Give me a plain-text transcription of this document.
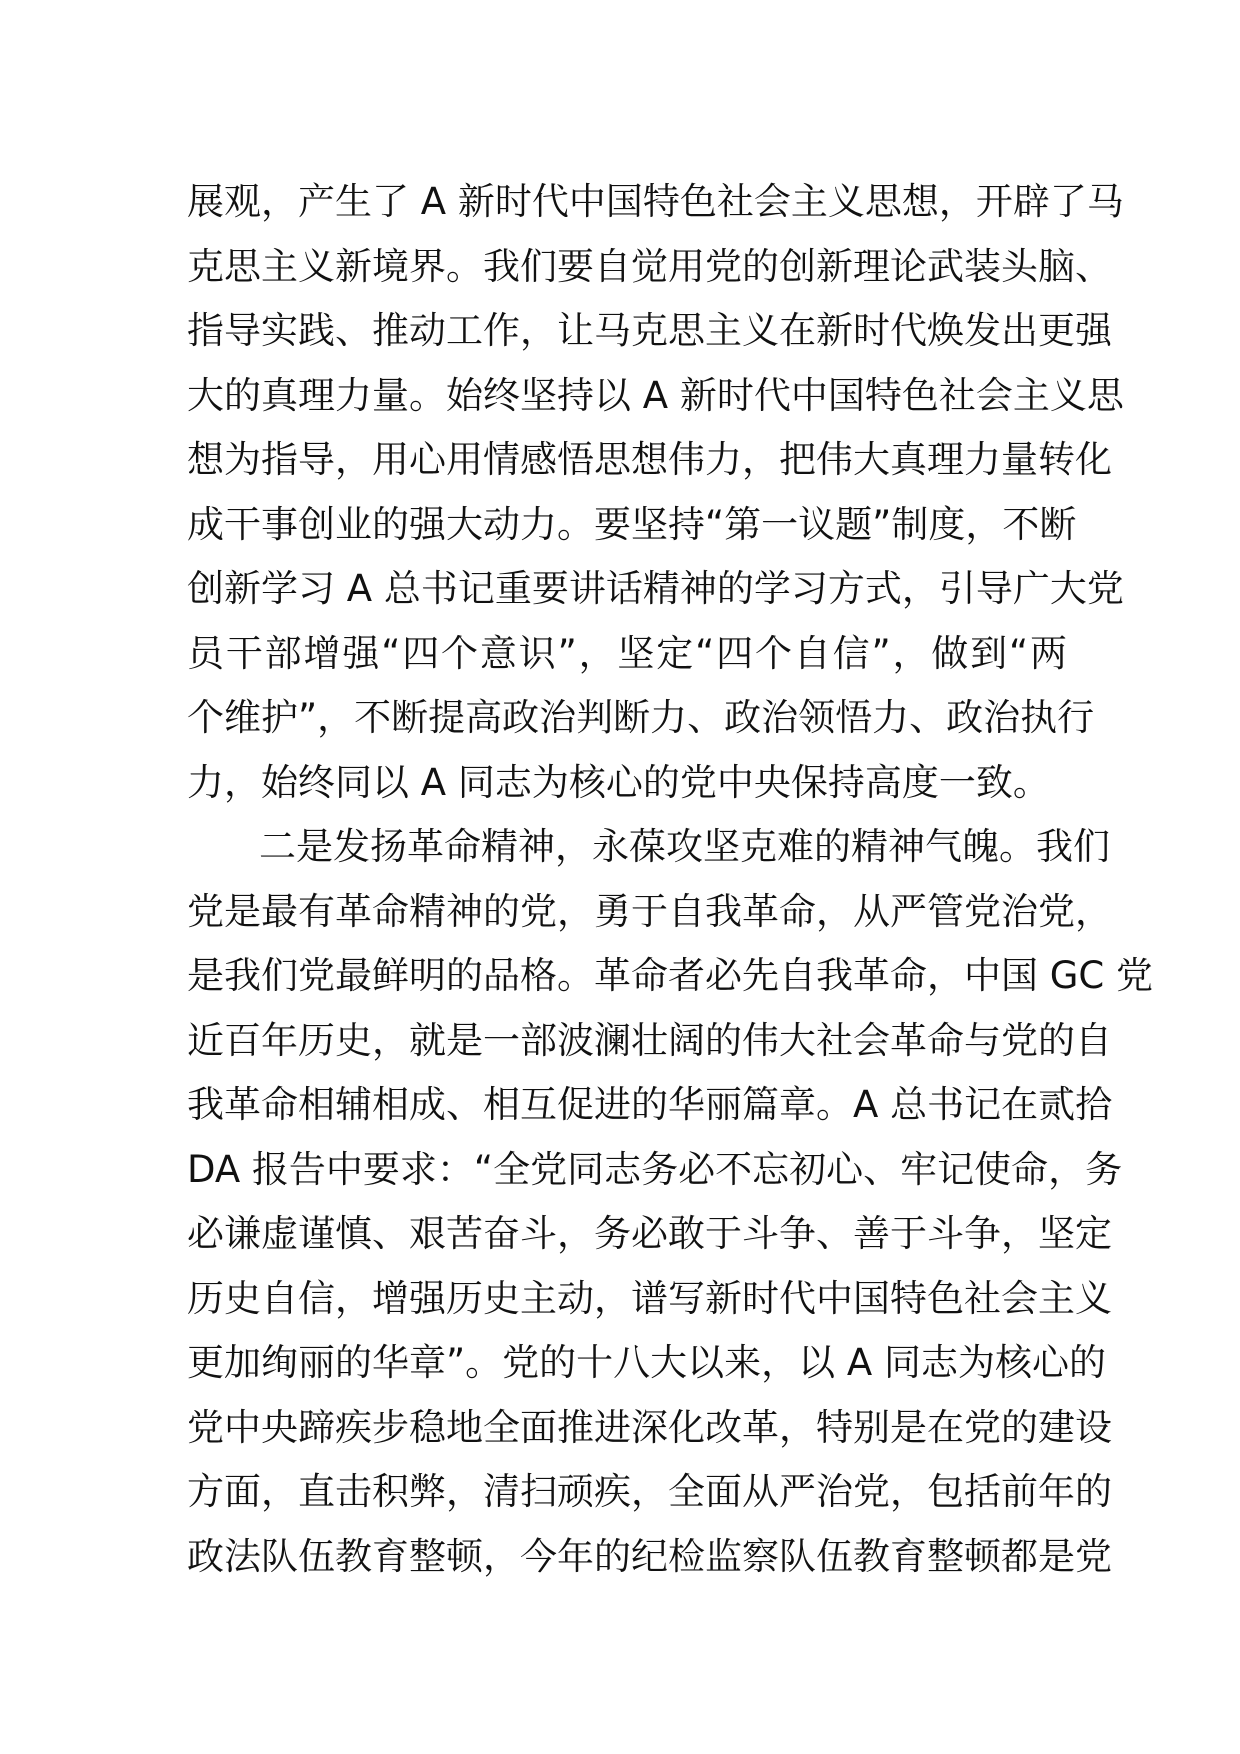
展观，产生了 A 新时代中国特色社会主义思想，开辟了马
克思主义新境界。我们要自觉用党的创新理论武装头脑、
指导实践、推动工作，让马克思主义在新时代焕发出更强
大的真理力量。始终坚持以 A 新时代中国特色社会主义思
想为指导，用心用情感悟思想伟力，把伟大真理力量转化
成干事创业的强大动力。要坚持“第一议题”制度，不断
创新学习 A 总书记重要讲话精神的学习方式，引导广大党
员干部增强“四个意识”，坚定“四个自信”，做到“两
个维护”，不断提高政治判断力、政治领悟力、政治执行
力，始终同以 A 同志为核心的党中央保持高度一致。
二是发扬革命精神，永葆攻坚克难的精神气魄。我们
党是最有革命精神的党，勇于自我革命，从严管党治党，
是我们党最鲜明的品格。革命者必先自我革命，中国 GC 党
近百年历史，就是一部波澜壮阔的伟大社会革命与党的自
我革命相辅相成、相互促进的华丽篇章。A 总书记在贰拾
DA 报告中要求：“全党同志务必不忘初心、牢记使命，务
必谦虚谨慎、艰苦奋斗，务必敢于斗争、善于斗争，坚定
历史自信，增强历史主动，谱写新时代中国特色社会主义
更加绚丽的华章”。党的十八大以来，以 A 同志为核心的
党中央蹄疾步稳地全面推进深化改革，特别是在党的建设
方面，直击积弊，清扫顽疾，全面从严治党，包括前年的
政法队伍教育整顿，今年的纪检监察队伍教育整顿都是党
